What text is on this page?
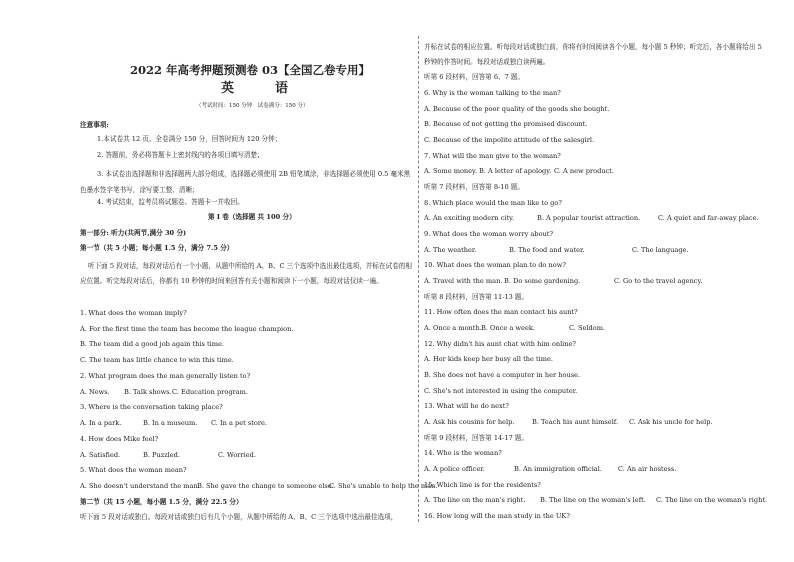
2022 年高考押题预测卷 03【全国乙卷专用】
英　语
（考试时间：150 分钟　试卷满分：150 分）
注意事项:
1.本试卷共 12 页，全卷满分 150 分，回答时间为 120 分钟；
2. 答题前，务必将答题卡上密封线内的各项目填写清楚；
3. 本试卷由选择题和非选择题两大部分组成，选择题必须使用 2B 铅笔填涂，非选择题必须使用 0.5 毫米黑色墨水签字笔书写，涂写要工整、清晰；
4. 考试结束，监考员将试题卷、答题卡一并收回。
第 I 卷（选择题 共 100 分）
第一部分: 听力(共两节,满分 30 分)
第一节（共 5 小题；每小题 1.5 分，满分 7.5 分）
听下面 5 段对话，每段对话后有一个小题，从题中所给的 A、B、C 三个选项中选出最佳选项，并标在试卷的相应位置。听完每段对话后，你都有 10 秒钟的时间来回答有关小题和阅读下一小题，每段对话仅读一遍。
1. What does the woman imply?
A. For the first time the team has become the league champion.
B. The team did a good job again this time.
C. The team has little chance to win this time.
2. What program does the man generally listen to?
A. News. B. Talk shows. C. Education program.
3. Where is the conversation taking place?
A. In a park.	B. In a museum. C. In a pet store.
4. How does Mike feel?
A. Satisfied.	B. Puzzled.	C. Worried.
5. What does the woman mean?
A. She doesn't understand the man.
B. She gave the change to someone else.
C. She's unable to help the man.
第二节（共 15 小题，每小题 1.5 分，满分 22.5 分）
听下面 5 段对话或独白。每段对话或独白后有几个小题，从题中所给的 A、B、C 三个选项中选出最佳选项，
并标在试卷的相应位置。听每段对话或独白前，你将有时间阅读各个小题，每小题 5 秒钟；听完后，各小题将给出 5 秒钟的作答时间。每段对话或独白读两遍。
听第 6 段材料，回答第 6、7 题。
6. Why is the woman talking to the man?
A. Because of the poor quality of the goods she bought.
B. Because of not getting the promised discount.
C. Because of the impolite attitude of the salesgirl.
7. What will the man give to the woman?
A. Some money. B. A letter of apology. C. A new product.
听第 7 段材料，回答第 8-10 题。
8. Which place would the man like to go?
A. An exciting modern city.	B. A popular tourist attraction.	C. A quiet and far-away place.
9. What does the woman worry about?
A. The weather.	B. The food and water.	C. The language.
10. What does the woman plan to do now?
A. Travel with the man. B. Do some gardening.	C. Go to the travel agency.
听第 8 段材料，回答第 11-13 题。
11. How often does the man contact his aunt?
A. Once a month. B. Once a week.	C. Seldom.
12. Why didn't his aunt chat with him online?
A. Her kids keep her busy all the time.
B. She does not have a computer in her house.
C. She's not interested in using the computer.
13. What will he do next?
A. Ask his cousins for help.	B. Teach his aunt himself. C. Ask his uncle for help.
听第 9 段材料，回答第 14-17 题。
14. Who is the woman?
A. A police officer.	B. An immigration official. C. An air hostess.
15. Which line is for the residents?
A. The line on the man's right. B. The line on the woman's left. C. The line on the woman's right.
16. How long will the man study in the UK?
